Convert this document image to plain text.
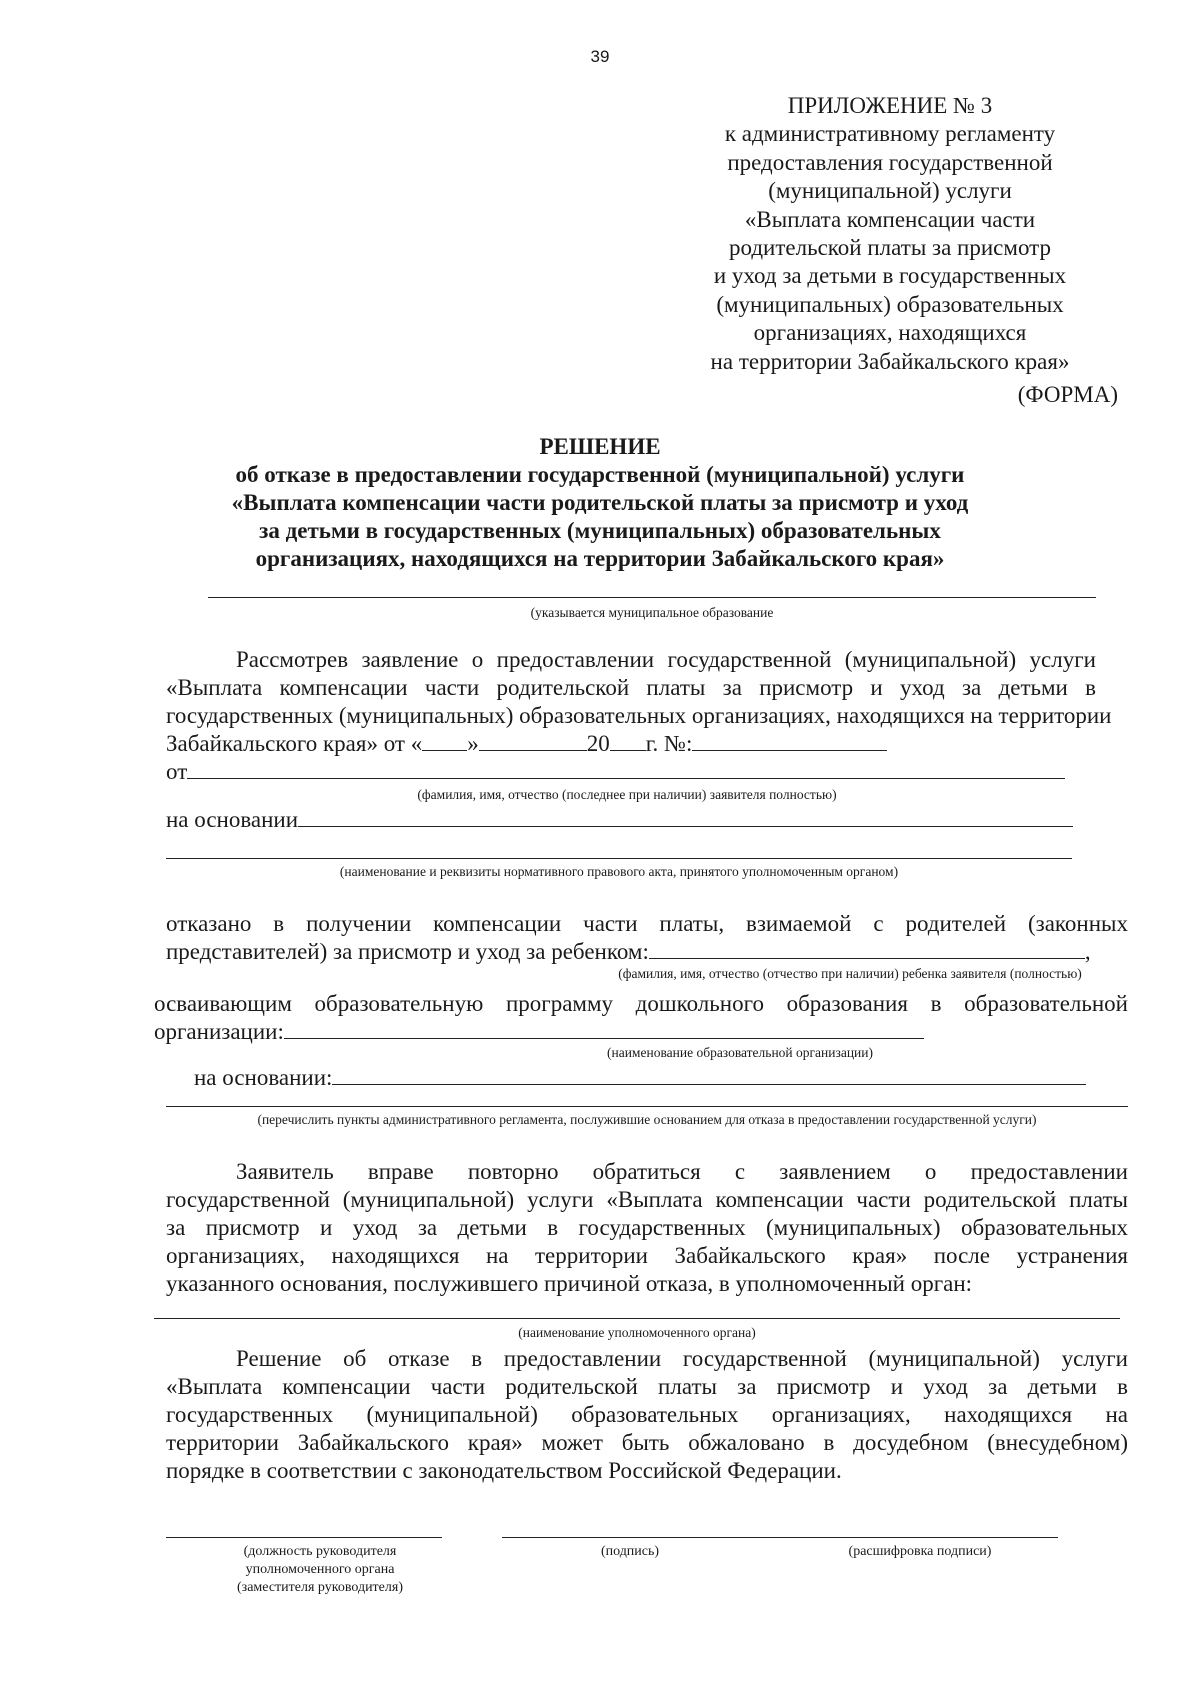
39
ПРИЛОЖЕНИЕ № 3
к административному регламенту
предоставления государственной
(муниципальной) услуги
«Выплата компенсации части
родительской платы за присмотр
и уход за детьми в государственных
(муниципальных) образовательных
организациях, находящихся
на территории Забайкальского края»
(ФОРМА)
РЕШЕНИЕ
об отказе в предоставлении государственной (муниципальной) услуги
«Выплата компенсации части родительской платы за присмотр и уход
за детьми в государственных (муниципальных) образовательных
организациях, находящихся на территории Забайкальского края»
(указывается муниципальное образование
Рассмотрев заявление о предоставлении государственной (муниципальной) услуги
«Выплата компенсации части родительской платы за присмотр и уход за детьми в
государственных (муниципальных) образовательных организациях, находящихся на территории
Забайкальского края» от « »	20 г. №:
от
(фамилия, имя, отчество (последнее при наличии) заявителя полностью)
на основании
(наименование и реквизиты нормативного правового акта, принятого уполномоченным органом)
отказано в получении компенсации части платы, взимаемой с родителей (законных
представителей) за присмотр и уход за ребенком:	,
(фамилия, имя, отчество (отчество при наличии) ребенка заявителя (полностью)
осваивающим образовательную программу дошкольного образования в образовательной
организации:
(наименование образовательной организации)
на основании:
(перечислить пункты административного регламента, послужившие основанием для отказа в предоставлении государственной услуги)
Заявитель вправе повторно обратиться с заявлением о предоставлении
государственной (муниципальной) услуги «Выплата компенсации части родительской платы
за присмотр и уход за детьми в государственных (муниципальных) образовательных
организациях, находящихся на территории Забайкальского края» после устранения
указанного основания, послужившего причиной отказа, в уполномоченный орган:
(наименование уполномоченного органа)
Решение об отказе в предоставлении государственной (муниципальной) услуги
«Выплата компенсации части родительской платы за присмотр и уход за детьми в
государственных (муниципальной) образовательных организациях, находящихся на
территории Забайкальского края» может быть обжаловано в досудебном (внесудебном)
порядке в соответствии с законодательством Российской Федерации.
(должность руководителя
уполномоченного органа
(заместителя руководителя)
(подпись)	(расшифровка подписи)
